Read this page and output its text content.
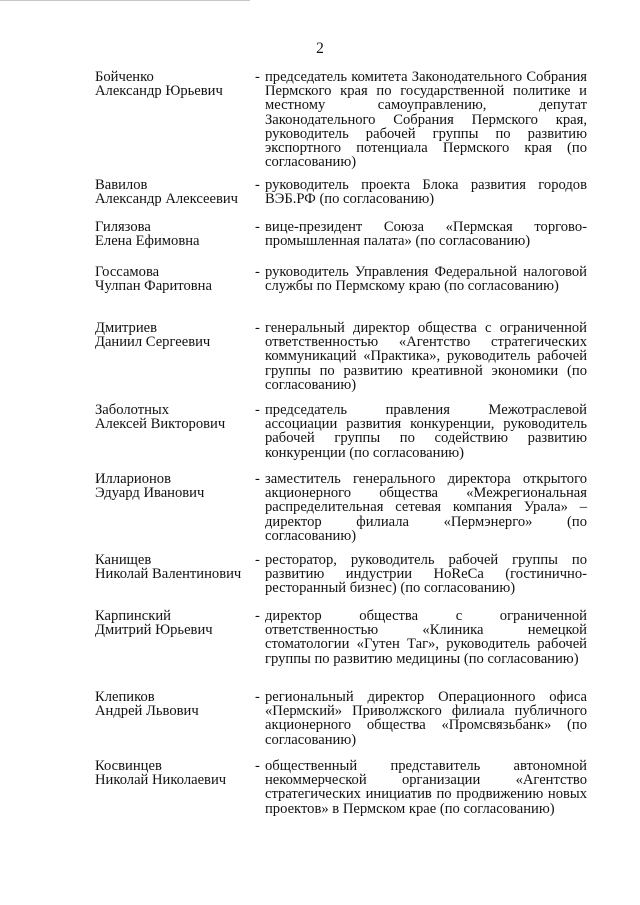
2
Бойченко
Александр Юрьевич
- председатель комитета Законодательного Собрания Пермского края по государственной политике и местному самоуправлению, депутат Законодательного Собрания Пермского края, руководитель рабочей группы по развитию экспортного потенциала Пермского края (по согласованию)
Вавилов
Александр Алексеевич
- руководитель проекта Блока развития городов ВЭБ.РФ (по согласованию)
Гилязова
Елена Ефимовна
- вице-президент Союза «Пермская торгово-промышленная палата» (по согласованию)
Госсамова
Чулпан Фаритовна
- руководитель Управления Федеральной налоговой службы по Пермскому краю (по согласованию)
Дмитриев
Даниил Сергеевич
- генеральный директор общества с ограниченной ответственностью «Агентство стратегических коммуникаций «Практика», руководитель рабочей группы по развитию креативной экономики (по согласованию)
Заболотных
Алексей Викторович
- председатель правления Межотраслевой ассоциации развития конкуренции, руководитель рабочей группы по содействию развитию конкуренции (по согласованию)
Илларионов
Эдуард Иванович
- заместитель генерального директора открытого акционерного общества «Межрегиональная распределительная сетевая компания Урала» – директор филиала «Пермэнерго» (по согласованию)
Канищев
Николай Валентинович
- ресторатор, руководитель рабочей группы по развитию индустрии HoReCa (гостинично-ресторанный бизнес) (по согласованию)
Карпинский
Дмитрий Юрьевич
- директор общества с ограниченной ответственностью «Клиника немецкой стоматологии «Гутен Таг», руководитель рабочей группы по развитию медицины (по согласованию)
Клепиков
Андрей Львович
- региональный директор Операционного офиса «Пермский» Приволжского филиала публичного акционерного общества «Промсвязьбанк» (по согласованию)
Косвинцев
Николай Николаевич
- общественный представитель автономной некоммерческой организации «Агентство стратегических инициатив по продвижению новых проектов» в Пермском крае (по согласованию)
